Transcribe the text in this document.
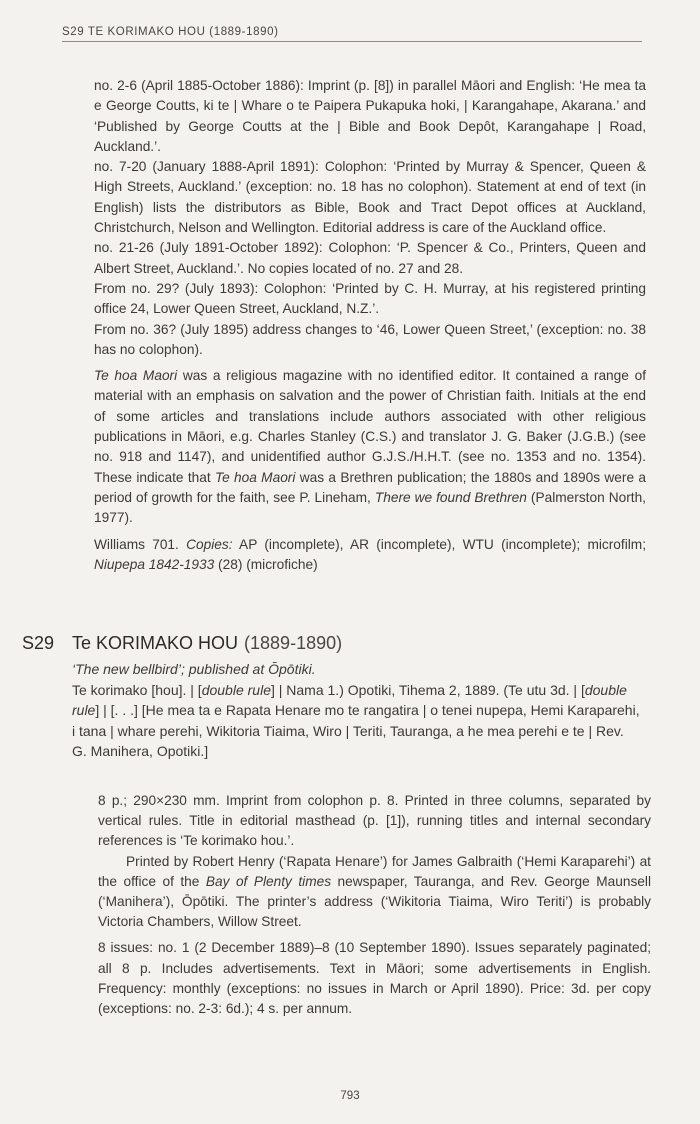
S29 TE KORIMAKO HOU (1889-1890)

no. 2-6 (April 1885-October 1886): Imprint (p. [8]) in parallel Māori and English: ‘He mea ta e George Coutts, ki te | Whare o te Paipera Pukapuka hoki, | Karangahape, Akarana.’ and ‘Published by George Coutts at the | Bible and Book Depôt, Karangahape | Road, Auckland.’.

no. 7-20 (January 1888-April 1891): Colophon: ‘Printed by Murray & Spencer, Queen & High Streets, Auckland.’ (exception: no. 18 has no colophon). Statement at end of text (in English) lists the distributors as Bible, Book and Tract Depot offices at Auckland, Christchurch, Nelson and Wellington. Editorial address is care of the Auckland office.

no. 21-26 (July 1891-October 1892): Colophon: ‘P. Spencer & Co., Printers, Queen and Albert Street, Auckland.’. No copies located of no. 27 and 28.

From no. 29? (July 1893): Colophon: ‘Printed by C. H. Murray, at his registered printing office 24, Lower Queen Street, Auckland, N.Z.’.

From no. 36? (July 1895) address changes to ‘46, Lower Queen Street,’ (exception: no. 38 has no colophon).

Te hoa Maori was a religious magazine with no identified editor. It contained a range of material with an emphasis on salvation and the power of Christian faith. Initials at the end of some articles and translations include authors associated with other religious publications in Māori, e.g. Charles Stanley (C.S.) and translator J. G. Baker (J.G.B.) (see no. 918 and 1147), and unidentified author G.J.S./H.H.T. (see no. 1353 and no. 1354). These indicate that Te hoa Maori was a Brethren publication; the 1880s and 1890s were a period of growth for the faith, see P. Lineham, There we found Brethren (Palmerston North, 1977).

Williams 701. Copies: AP (incomplete), AR (incomplete), WTU (incomplete); microfilm; Niupepa 1842-1933 (28) (microfiche)

S29 Te KORIMAKO HOU (1889-1890)

‘The new bellbird’; published at Ōpōtiki.

Te korimako [hou]. | [double rule] | Nama 1.) Opotiki, Tihema 2, 1889. (Te utu 3d. | [double rule] | [. . .] [He mea ta e Rapata Henare mo te rangatira | o tenei nupepa, Hemi Karaparehi, i tana | whare perehi, Wikitoria Tiaima, Wiro | Teriti, Tauranga, a he mea perehi e te | Rev. G. Manihera, Opotiki.]

8 p.; 290×230 mm. Imprint from colophon p. 8. Printed in three columns, separated by vertical rules. Title in editorial masthead (p. [1]), running titles and internal secondary references is ‘Te korimako hou.’.

Printed by Robert Henry (‘Rapata Henare’) for James Galbraith (‘Hemi Karaparehi’) at the office of the Bay of Plenty times newspaper, Tauranga, and Rev. George Maunsell (‘Manihera’), Ōpōtiki. The printer’s address (‘Wikitoria Tiaima, Wiro Teriti’) is probably Victoria Chambers, Willow Street.

8 issues: no. 1 (2 December 1889)–8 (10 September 1890). Issues separately paginated; all 8 p. Includes advertisements. Text in Māori; some advertisements in English. Frequency: monthly (exceptions: no issues in March or April 1890). Price: 3d. per copy (exceptions: no. 2-3: 6d.); 4 s. per annum.

793
